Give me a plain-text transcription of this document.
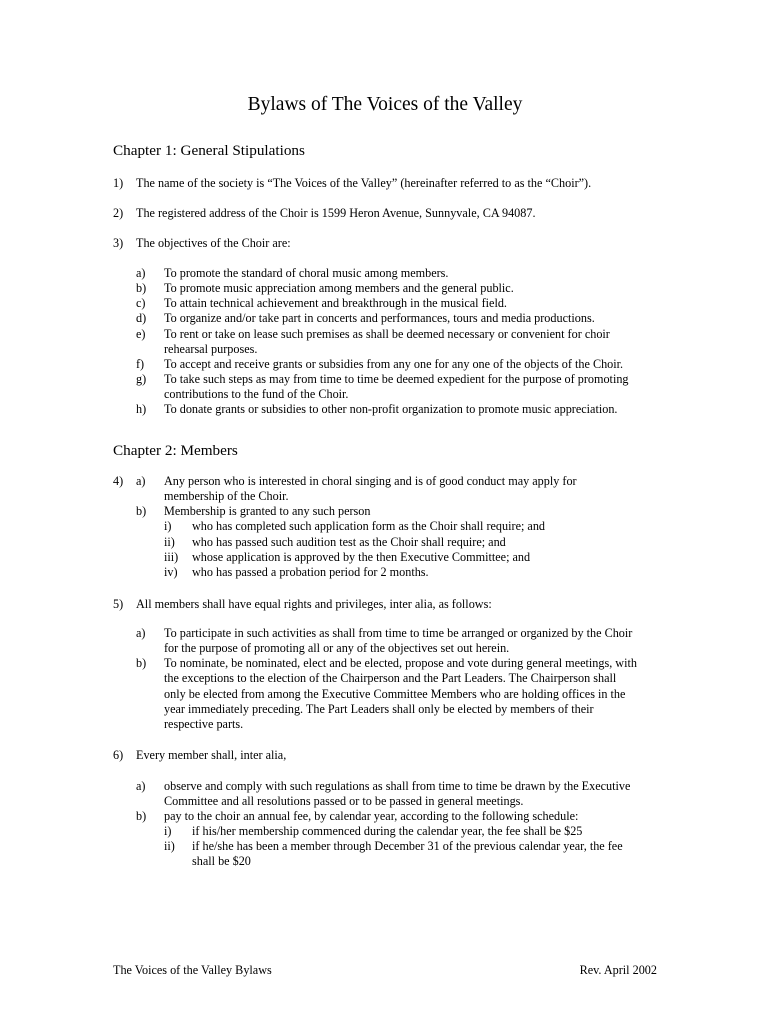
Bylaws of The Voices of the Valley
Chapter 1: General Stipulations
1) The name of the society is “The Voices of the Valley” (hereinafter referred to as the “Choir”).
2) The registered address of the Choir is 1599 Heron Avenue, Sunnyvale, CA 94087.
3) The objectives of the Choir are:
a) To promote the standard of choral music among members.
b) To promote music appreciation among members and the general public.
c) To attain technical achievement and breakthrough in the musical field.
d) To organize and/or take part in concerts and performances, tours and media productions.
e) To rent or take on lease such premises as shall be deemed necessary or convenient for choir
rehearsal purposes.
f) To accept and receive grants or subsidies from any one for any one of the objects of the Choir.
g) To take such steps as may from time to time be deemed expedient for the purpose of promoting
contributions to the fund of the Choir.
h) To donate grants or subsidies to other non-profit organization to promote music appreciation.
Chapter 2: Members
4) a) Any person who is interested in choral singing and is of good conduct may apply for
membership of the Choir.
b) Membership is granted to any such person
i) who has completed such application form as the Choir shall require; and
ii) who has passed such audition test as the Choir shall require; and
iii) whose application is approved by the then Executive Committee; and
iv) who has passed a probation period for 2 months.
5) All members shall have equal rights and privileges, inter alia, as follows:
a) To participate in such activities as shall from time to time be arranged or organized by the Choir
for the purpose of promoting all or any of the objectives set out herein.
b) To nominate, be nominated, elect and be elected, propose and vote during general meetings, with
the exceptions to the election of the Chairperson and the Part Leaders. The Chairperson shall
only be elected from among the Executive Committee Members who are holding offices in the
year immediately preceding. The Part Leaders shall only be elected by members of their
respective parts.
6) Every member shall, inter alia,
a) observe and comply with such regulations as shall from time to time be drawn by the Executive
Committee and all resolutions passed or to be passed in general meetings.
b) pay to the choir an annual fee, by calendar year, according to the following schedule:
i) if his/her membership commenced during the calendar year, the fee shall be $25
ii) if he/she has been a member through December 31 of the previous calendar year, the fee
shall be $20
The Voices of the Valley Bylaws	Rev. April 2002
